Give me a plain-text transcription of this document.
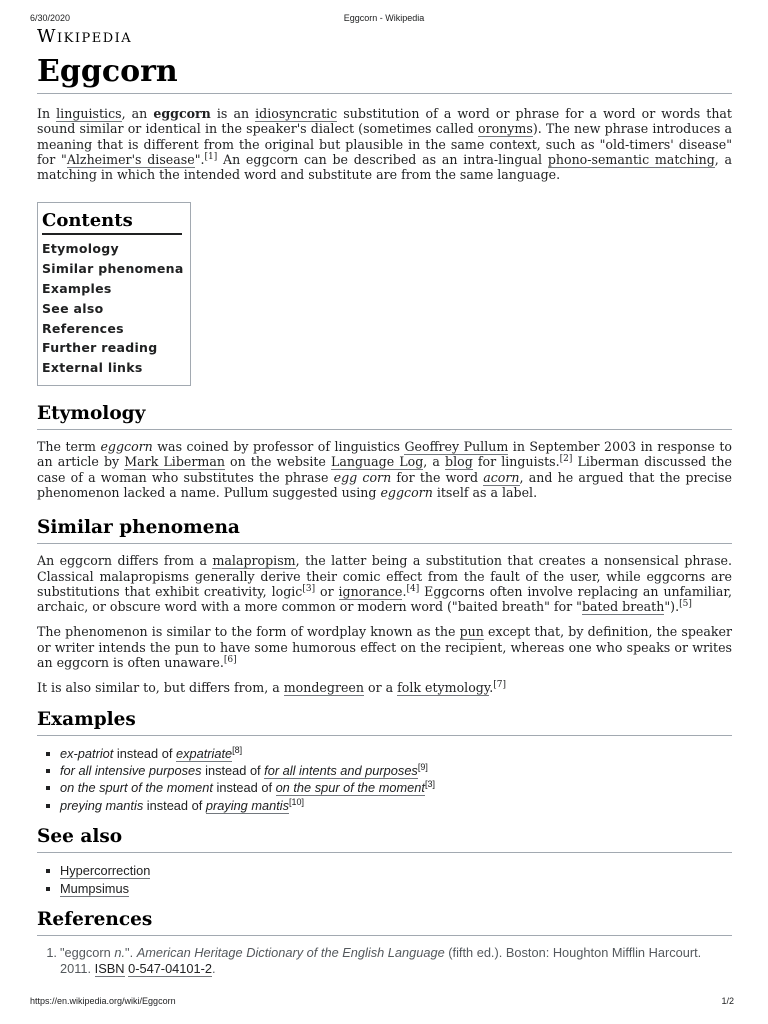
6/30/2020	Eggcorn - Wikipedia
Wikipedia
Eggcorn

In linguistics, an eggcorn is an idiosyncratic substitution of a word or phrase for a word or words that sound similar or identical in the speaker's dialect (sometimes called oronyms). The new phrase introduces a meaning that is different from the original but plausible in the same context, such as "old-timers' disease" for "Alzheimer's disease".[1] An eggcorn can be described as an intra-lingual phono-semantic matching, a matching in which the intended word and substitute are from the same language.

Contents
Etymology
Similar phenomena
Examples
See also
References
Further reading
External links
Etymology

The term eggcorn was coined by professor of linguistics Geoffrey Pullum in September 2003 in response to an article by Mark Liberman on the website Language Log, a blog for linguists.[2] Liberman discussed the case of a woman who substitutes the phrase egg corn for the word acorn, and he argued that the precise phenomenon lacked a name. Pullum suggested using eggcorn itself as a label.

Similar phenomena

An eggcorn differs from a malapropism, the latter being a substitution that creates a nonsensical phrase. Classical malapropisms generally derive their comic effect from the fault of the user, while eggcorns are substitutions that exhibit creativity, logic[3] or ignorance.[4] Eggcorns often involve replacing an unfamiliar, archaic, or obscure word with a more common or modern word ("baited breath" for "bated breath").[5]

The phenomenon is similar to the form of wordplay known as the pun except that, by definition, the speaker or writer intends the pun to have some humorous effect on the recipient, whereas one who speaks or writes an eggcorn is often unaware.[6]

It is also similar to, but differs from, a mondegreen or a folk etymology.[7]

Examples
ex-patriot instead of expatriate[8]
for all intensive purposes instead of for all intents and purposes[9]
on the spurt of the moment instead of on the spur of the moment[3]
preying mantis instead of praying mantis[10]
See also
Hypercorrection
Mumpsimus
References
1. "eggcorn n.". American Heritage Dictionary of the English Language (fifth ed.). Boston: Houghton Mifflin Harcourt. 2011. ISBN 0-547-04101-2.
https://en.wikipedia.org/wiki/Eggcorn	1/2
